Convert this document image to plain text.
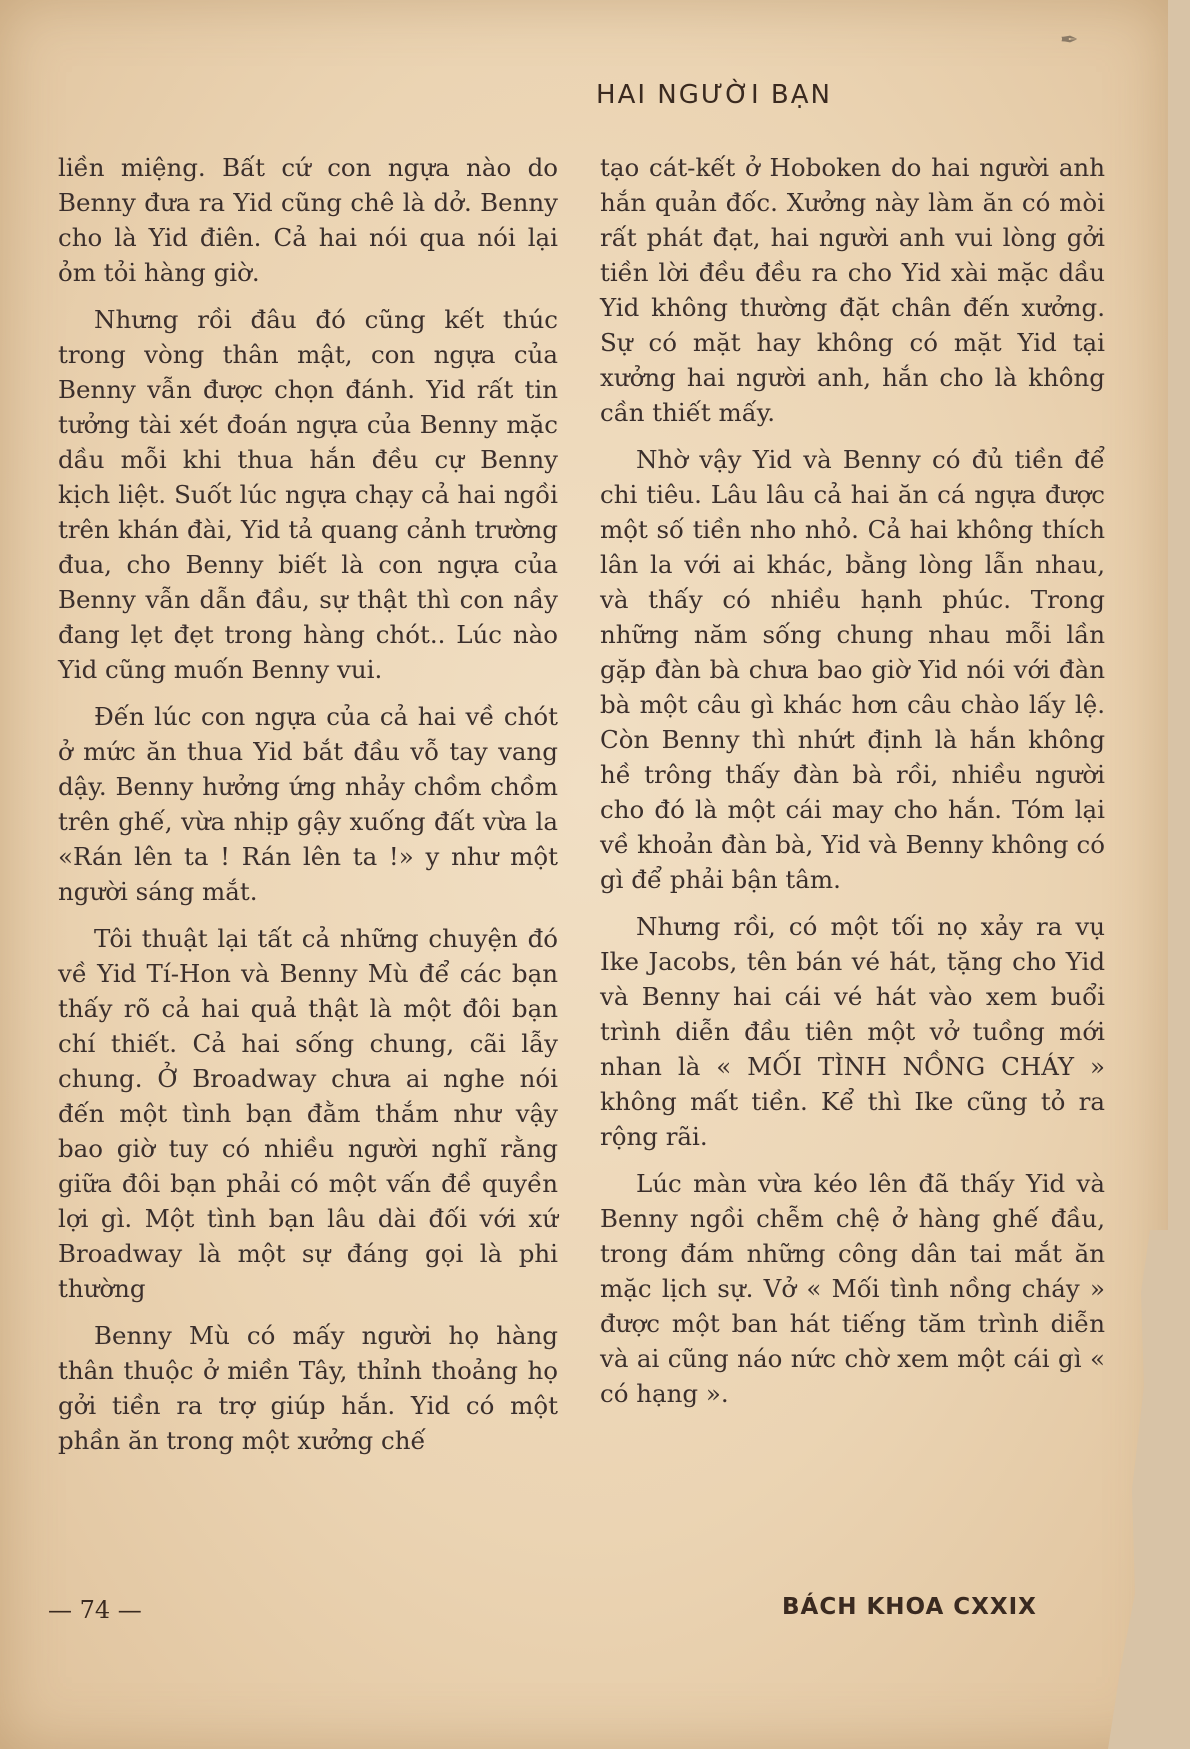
HAI NGƯỜI BẠN

liền miệng. Bất cứ con ngựa nào do Benny đưa ra Yid cũng chê là dở. Benny cho là Yid điên. Cả hai nói qua nói lại ỏm tỏi hàng giờ.

Nhưng rồi đâu đó cũng kết thúc trong vòng thân mật, con ngựa của Benny vẫn được chọn đánh. Yid rất tin tưởng tài xét đoán ngựa của Benny mặc dầu mỗi khi thua hắn đều cự Benny kịch liệt. Suốt lúc ngựa chạy cả hai ngồi trên khán đài, Yid tả quang cảnh trường đua, cho Benny biết là con ngựa của Benny vẫn dẫn đầu, sự thật thì con nầy đang lẹt đẹt trong hàng chót.. Lúc nào Yid cũng muốn Benny vui.

Đến lúc con ngựa của cả hai về chót ở mức ăn thua Yid bắt đầu vỗ tay vang dậy. Benny hưởng ứng nhảy chồm chồm trên ghế, vừa nhịp gậy xuống đất vừa la «Rán lên ta ! Rán lên ta !» y như một người sáng mắt.

Tôi thuật lại tất cả những chuyện đó về Yid Tí-Hon và Benny Mù để các bạn thấy rõ cả hai quả thật là một đôi bạn chí thiết. Cả hai sống chung, cãi lẫy chung. Ở Broadway chưa ai nghe nói đến một tình bạn đằm thắm như vậy bao giờ tuy có nhiều người nghĩ rằng giữa đôi bạn phải có một vấn đề quyền lợi gì. Một tình bạn lâu dài đối với xứ Broadway là một sự đáng gọi là phi thường

Benny Mù có mấy người họ hàng thân thuộc ở miền Tây, thỉnh thoảng họ gởi tiền ra trợ giúp hắn. Yid có một phần ăn trong một xưởng chế

tạo cát-kết ở Hoboken do hai người anh hắn quản đốc. Xưởng này làm ăn có mòi rất phát đạt, hai người anh vui lòng gởi tiền lời đều đều ra cho Yid xài mặc dầu Yid không thường đặt chân đến xưởng. Sự có mặt hay không có mặt Yid tại xưởng hai người anh, hắn cho là không cần thiết mấy.

Nhờ vậy Yid và Benny có đủ tiền để chi tiêu. Lâu lâu cả hai ăn cá ngựa được một số tiền nho nhỏ. Cả hai không thích lân la với ai khác, bằng lòng lẫn nhau, và thấy có nhiều hạnh phúc. Trong những năm sống chung nhau mỗi lần gặp đàn bà chưa bao giờ Yid nói với đàn bà một câu gì khác hơn câu chào lấy lệ. Còn Benny thì nhứt định là hắn không hề trông thấy đàn bà rồi, nhiều người cho đó là một cái may cho hắn. Tóm lại về khoản đàn bà, Yid và Benny không có gì để phải bận tâm.

Nhưng rồi, có một tối nọ xảy ra vụ Ike Jacobs, tên bán vé hát, tặng cho Yid và Benny hai cái vé hát vào xem buổi trình diễn đầu tiên một vở tuồng mới nhan là « MỐI TÌNH NỒNG CHÁY » không mất tiền. Kể thì Ike cũng tỏ ra rộng rãi.

Lúc màn vừa kéo lên đã thấy Yid và Benny ngồi chễm chệ ở hàng ghế đầu, trong đám những công dân tai mắt ăn mặc lịch sự. Vở « Mối tình nồng cháy » được một ban hát tiếng tăm trình diễn và ai cũng náo nức chờ xem một cái gì « có hạng ».

— 74 —	BÁCH KHOA CXXIX
✒
